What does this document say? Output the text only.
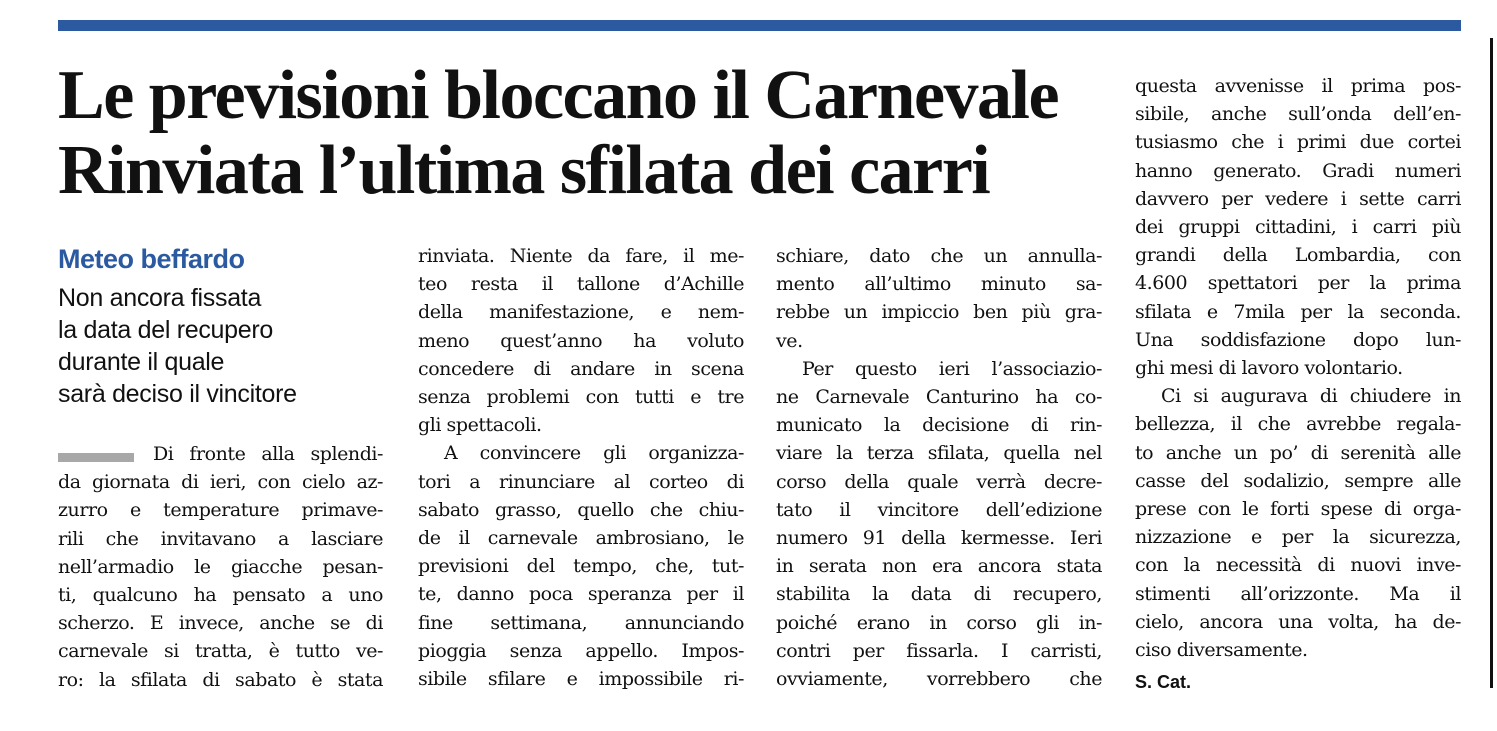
Le previsioni bloccano il Carnevale
Rinviata l’ultima sfilata dei carri
Meteo beffardo
Non ancora fissata
la data del recupero
durante il quale
sarà deciso il vincitore
Di fronte alla splendi-
da giornata di ieri, con cielo az-
zurro e temperature primave-
rili che invitavano a lasciare
nell’armadio le giacche pesan-
ti, qualcuno ha pensato a uno
scherzo. E invece, anche se di
carnevale si tratta, è tutto ve-
ro: la sfilata di sabato è stata
rinviata. Niente da fare, il me-
teo resta il tallone d’Achille
della manifestazione, e nem-
meno quest’anno ha voluto
concedere di andare in scena
senza problemi con tutti e tre
gli spettacoli.
A convincere gli organizza-
tori a rinunciare al corteo di
sabato grasso, quello che chiu-
de il carnevale ambrosiano, le
previsioni del tempo, che, tut-
te, danno poca speranza per il
fine settimana, annunciando
pioggia senza appello. Impos-
sibile sfilare e impossibile ri-
schiare, dato che un annulla-
mento all’ultimo minuto sa-
rebbe un impiccio ben più gra-
ve.
Per questo ieri l’associazio-
ne Carnevale Canturino ha co-
municato la decisione di rin-
viare la terza sfilata, quella nel
corso della quale verrà decre-
tato il vincitore dell’edizione
numero 91 della kermesse. Ieri
in serata non era ancora stata
stabilita la data di recupero,
poiché erano in corso gli in-
contri per fissarla. I carristi,
ovviamente, vorrebbero che
questa avvenisse il prima pos-
sibile, anche sull’onda dell’en-
tusiasmo che i primi due cortei
hanno generato. Gradi numeri
davvero per vedere i sette carri
dei gruppi cittadini, i carri più
grandi della Lombardia, con
4.600 spettatori per la prima
sfilata e 7mila per la seconda.
Una soddisfazione dopo lun-
ghi mesi di lavoro volontario.
Ci si augurava di chiudere in
bellezza, il che avrebbe regala-
to anche un po’ di serenità alle
casse del sodalizio, sempre alle
prese con le forti spese di orga-
nizzazione e per la sicurezza,
con la necessità di nuovi inve-
stimenti all’orizzonte. Ma il
cielo, ancora una volta, ha de-
ciso diversamente.
S. Cat.
